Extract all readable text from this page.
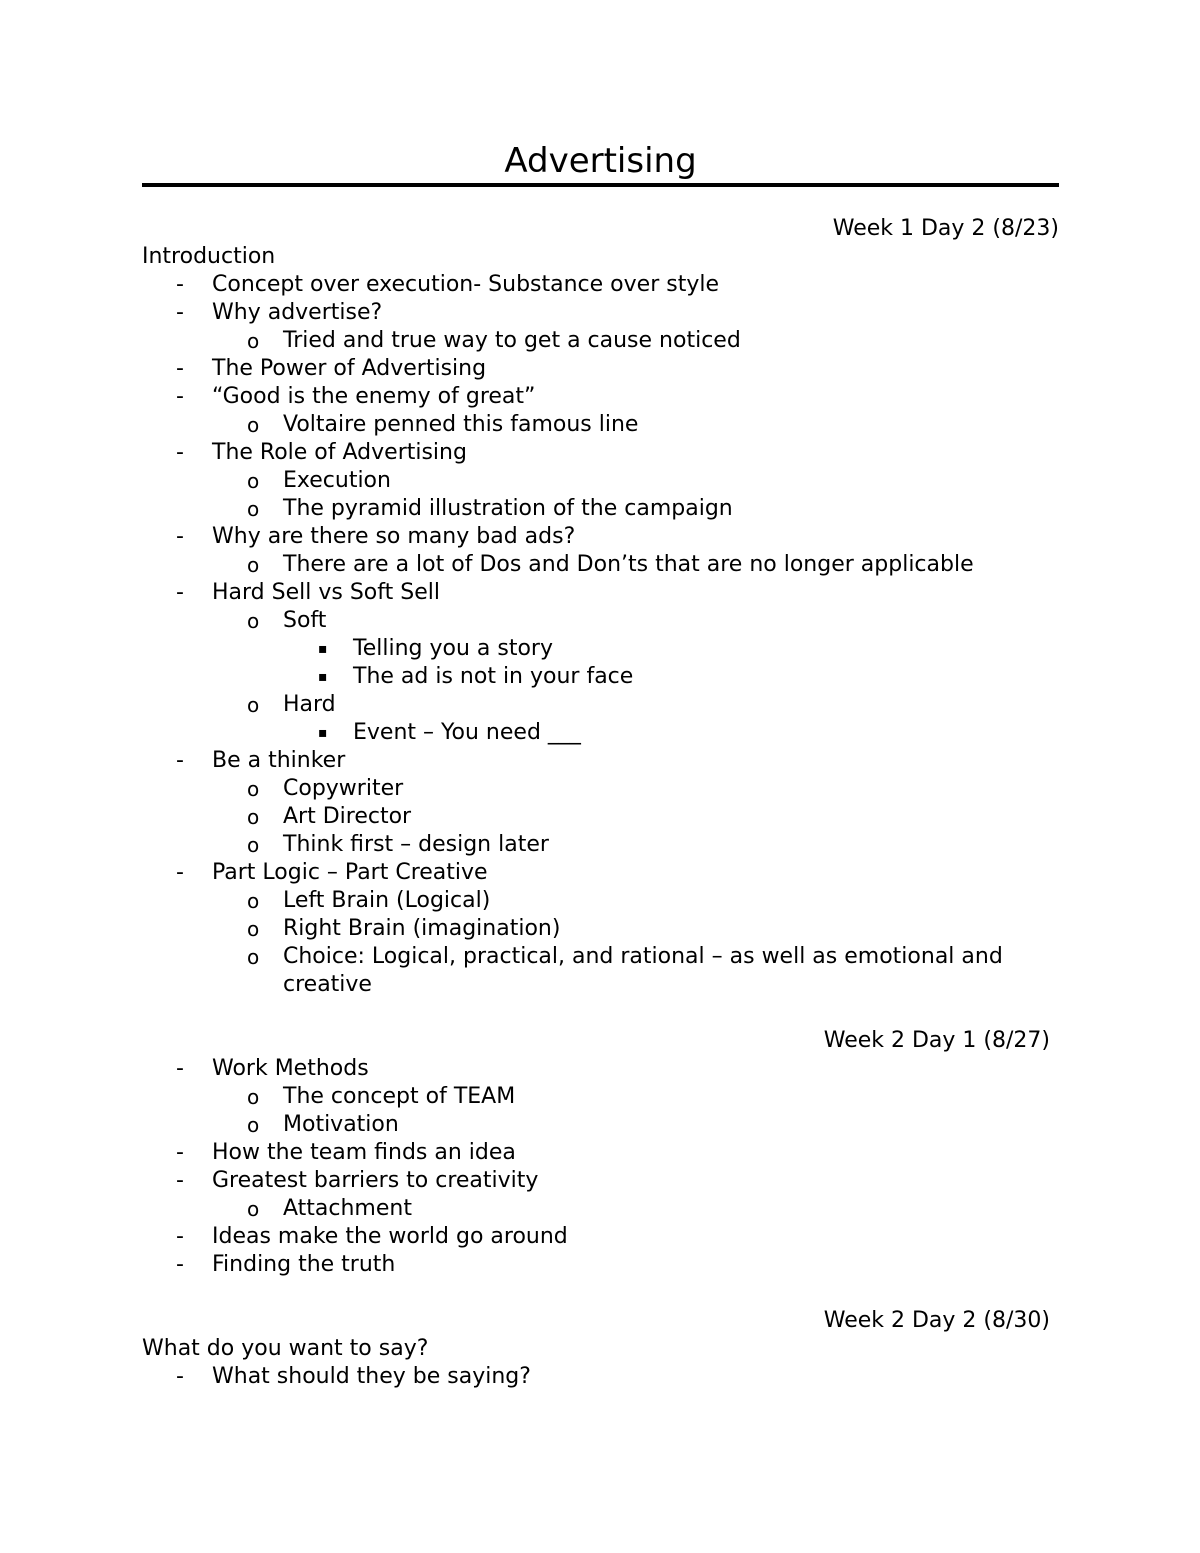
Advertising
Week 1 Day 2 (8/23)
Introduction
- Concept over execution- Substance over style
- Why advertise?
o Tried and true way to get a cause noticed
- The Power of Advertising
- “Good is the enemy of great”
o Voltaire penned this famous line
- The Role of Advertising
o Execution
o The pyramid illustration of the campaign
- Why are there so many bad ads?
o There are a lot of Dos and Don’ts that are no longer applicable
- Hard Sell vs Soft Sell
o Soft
▪ Telling you a story
▪ The ad is not in your face
o Hard
▪ Event – You need ___
- Be a thinker
o Copywriter
o Art Director
o Think first – design later
- Part Logic – Part Creative
o Left Brain (Logical)
o Right Brain (imagination)
o Choice: Logical, practical, and rational – as well as emotional and creative
Week 2 Day 1 (8/27)
- Work Methods
o The concept of TEAM
o Motivation
- How the team finds an idea
- Greatest barriers to creativity
o Attachment
- Ideas make the world go around
- Finding the truth
Week 2 Day 2 (8/30)
What do you want to say?
- What should they be saying?
